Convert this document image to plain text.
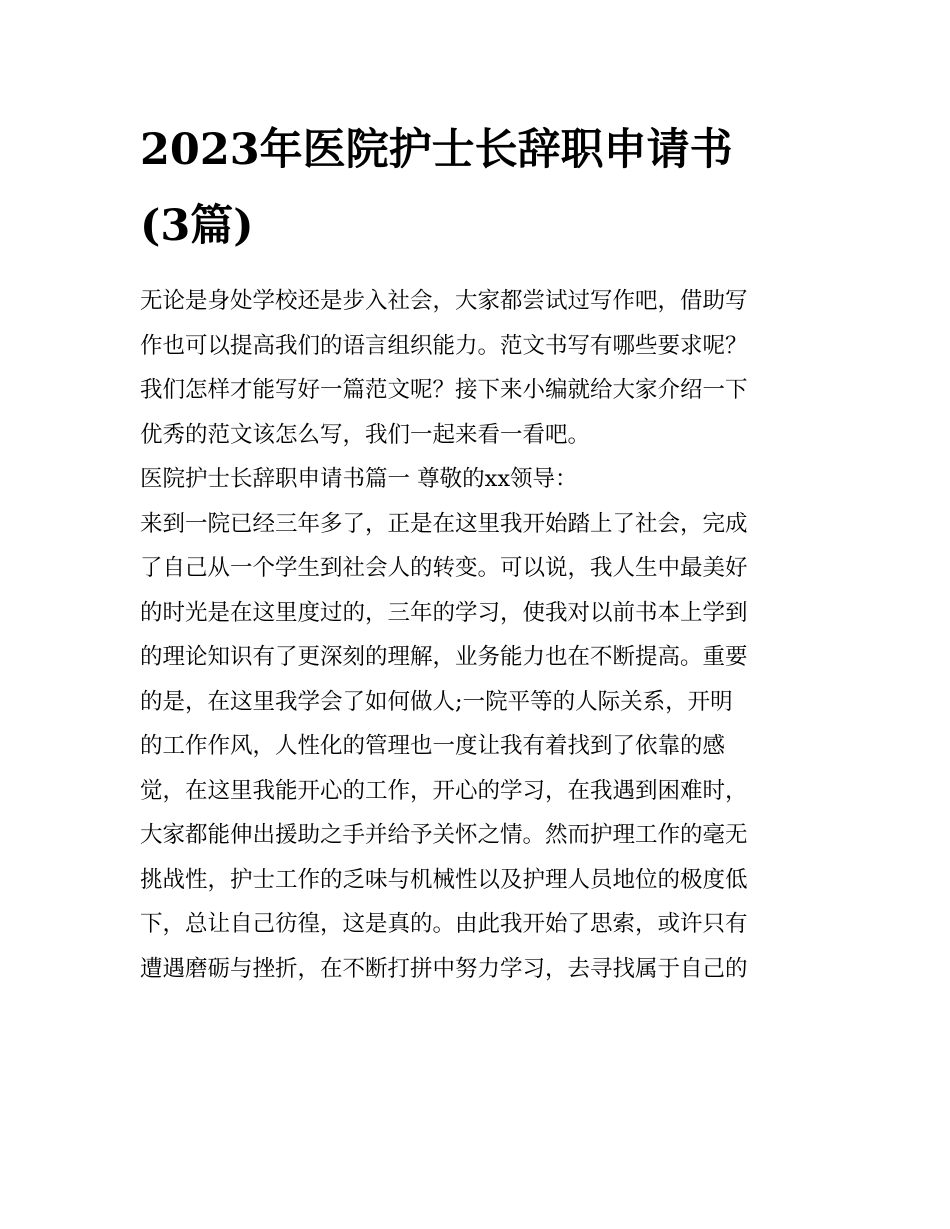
2023年医院护士长辞职申请书
(3篇)
无论是身处学校还是步入社会，大家都尝试过写作吧，借助写
作也可以提高我们的语言组织能力。范文书写有哪些要求呢？
我们怎样才能写好一篇范文呢？接下来小编就给大家介绍一下
优秀的范文该怎么写，我们一起来看一看吧。
医院护士长辞职申请书篇一 尊敬的xx领导：
来到一院已经三年多了，正是在这里我开始踏上了社会，完成
了自己从一个学生到社会人的转变。可以说，我人生中最美好
的时光是在这里度过的，三年的学习，使我对以前书本上学到
的理论知识有了更深刻的理解，业务能力也在不断提高。重要
的是，在这里我学会了如何做人;一院平等的人际关系，开明
的工作作风，人性化的管理也一度让我有着找到了依靠的感
觉，在这里我能开心的工作，开心的学习，在我遇到困难时，
大家都能伸出援助之手并给予关怀之情。然而护理工作的毫无
挑战性，护士工作的乏味与机械性以及护理人员地位的极度低
下，总让自己彷徨，这是真的。由此我开始了思索，或许只有
遭遇磨砺与挫折，在不断打拼中努力学习，去寻找属于自己的
